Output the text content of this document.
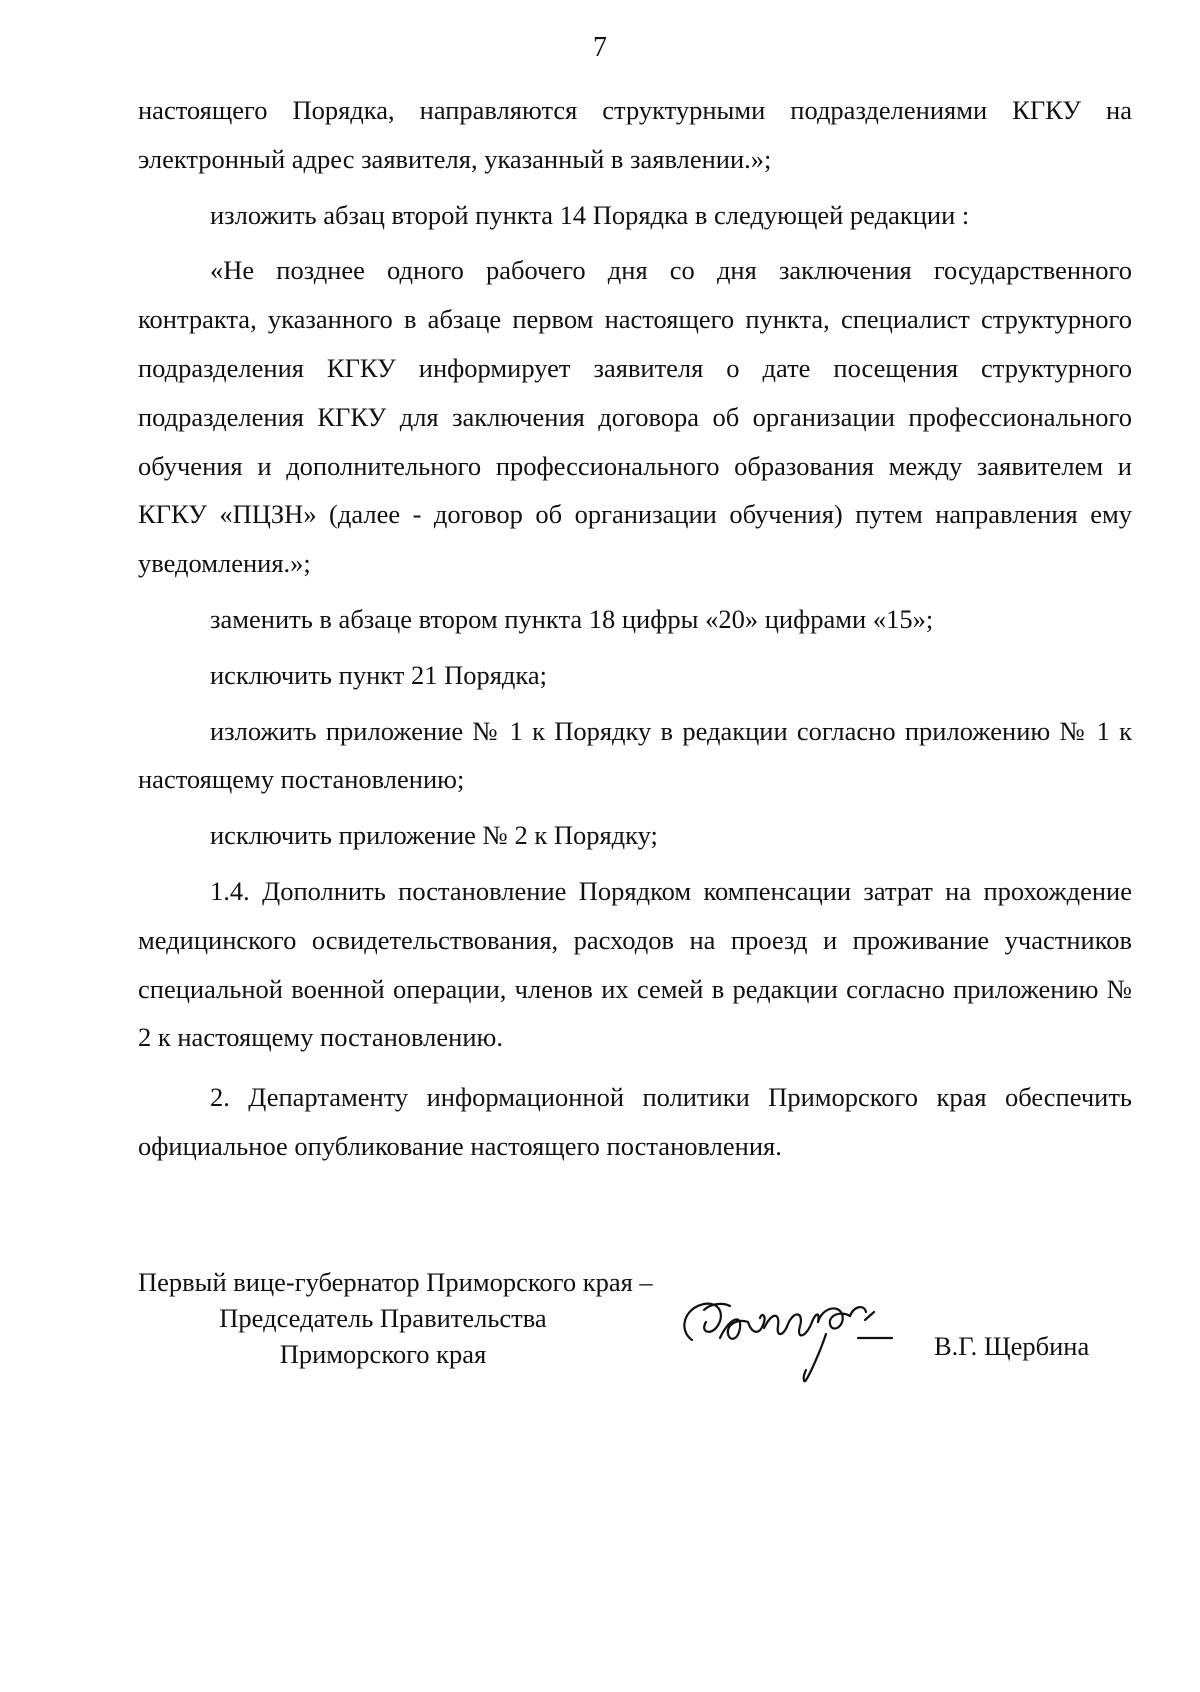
7

настоящего Порядка, направляются структурными подразделениями КГКУ на электронный адрес заявителя, указанный в заявлении.»;

изложить абзац второй пункта 14 Порядка в следующей редакции :

«Не позднее одного рабочего дня со дня заключения государственного контракта, указанного в абзаце первом настоящего пункта, специалист структурного подразделения КГКУ информирует заявителя о дате посещения структурного подразделения КГКУ для заключения договора об организации профессионального обучения и дополнительного профессионального образования между заявителем и КГКУ «ПЦЗН» (далее - договор об организации обучения) путем направления ему уведомления.»;

заменить в абзаце втором пункта 18 цифры «20» цифрами «15»;

исключить пункт 21 Порядка;

изложить приложение № 1 к Порядку в редакции согласно приложению № 1 к настоящему постановлению;

исключить приложение № 2 к Порядку;

1.4. Дополнить постановление Порядком компенсации затрат на прохождение медицинского освидетельствования, расходов на проезд и проживание участников специальной военной операции, членов их семей в редакции согласно приложению № 2 к настоящему постановлению.

2. Департаменту информационной политики Приморского края обеспечить официальное опубликование настоящего постановления.

Первый вице-губернатор Приморского края –
Председатель Правительства
Приморского края	В.Г. Щербина
